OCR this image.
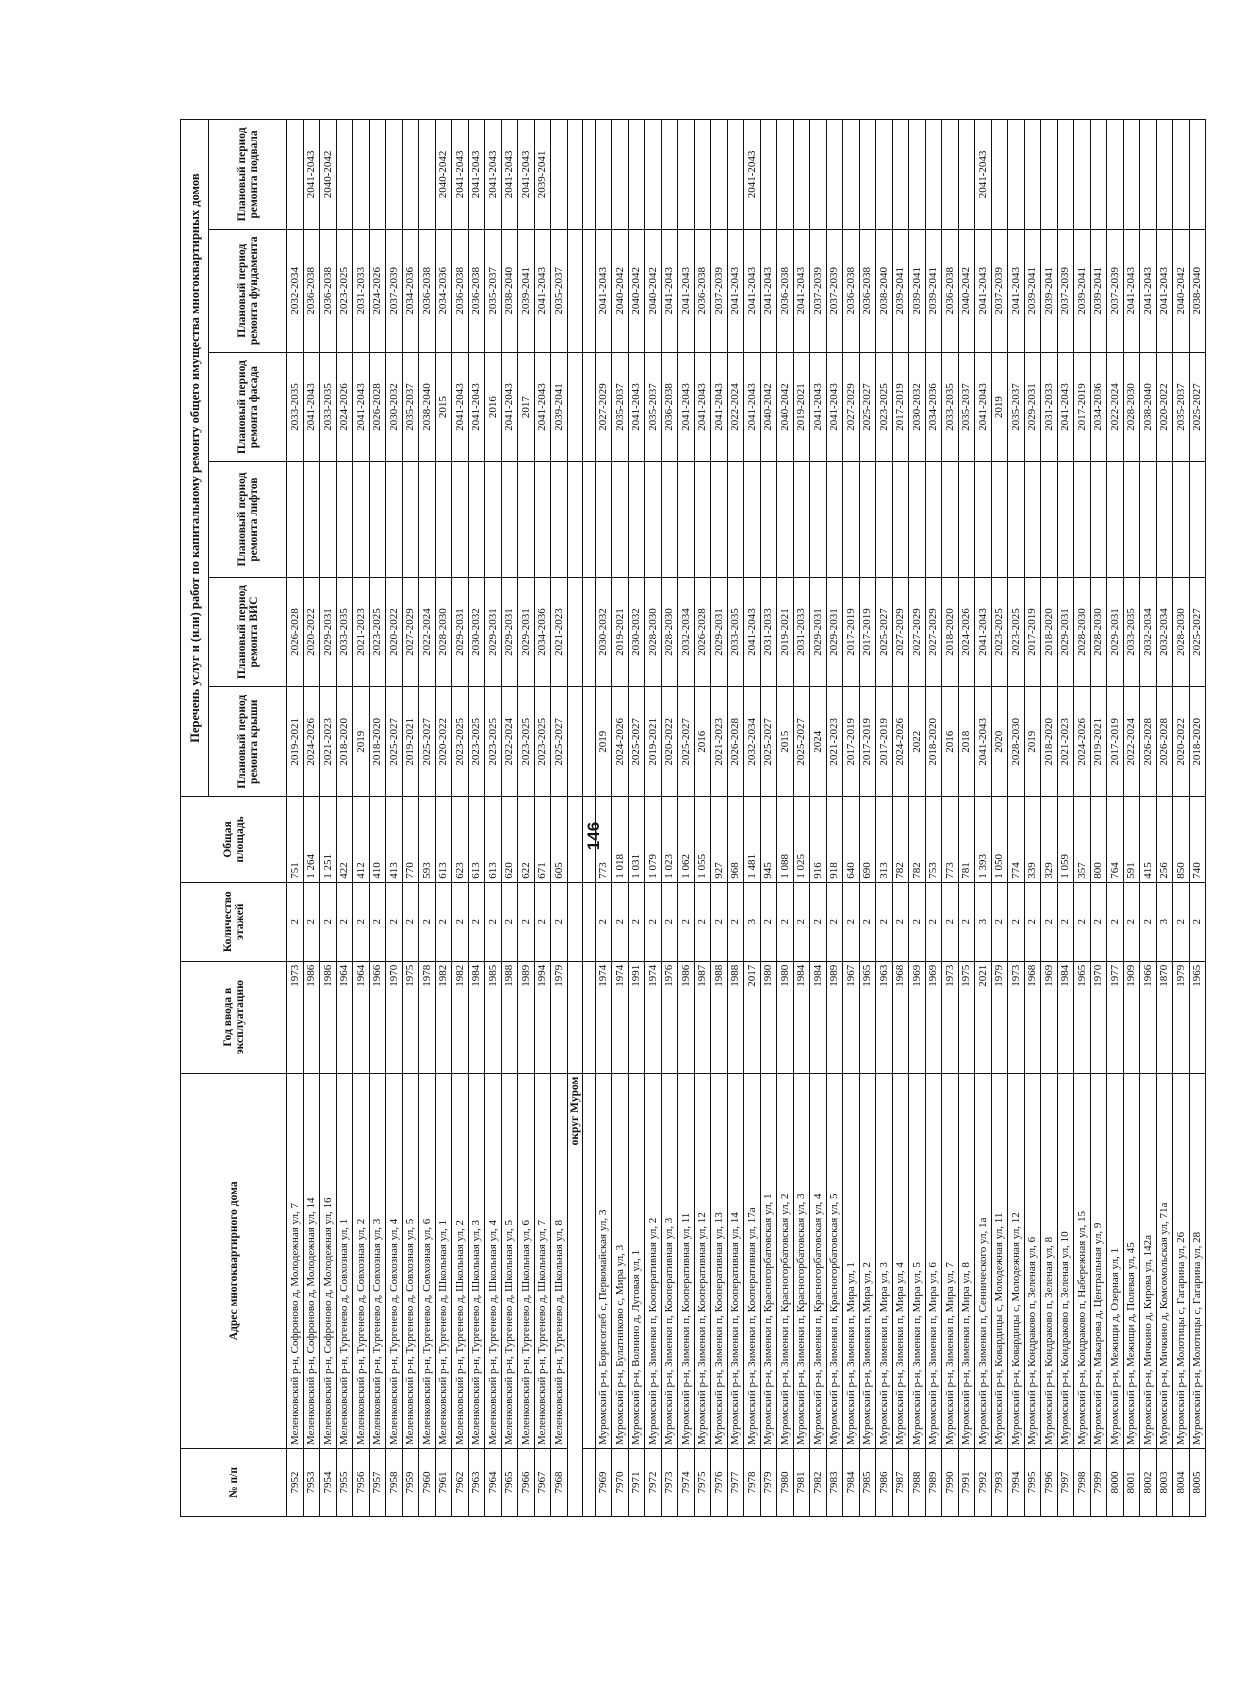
146
№ п/п	Адрес многоквартирного дома	Год ввода в эксплуатацию	Количество этажей	Общая площадь	Перечень услуг и (или) работ по капитальному ремонту общего имущества многоквартирных домов					
					Плановый период ремонта крыши	Плановый период ремонта ВИС	Плановый период ремонта лифтов	Плановый период ремонта фасада	Плановый период ремонта фундамента	Плановый период ремонта подвала
7952	Меленковский р-н, Софроново д, Молодежная ул, 7	1973	2	751	2019-2021	2026-2028		2033-2035	2032-2034	
7953	Меленковский р-н, Софроново д, Молодежная ул, 14	1986	2	1 264	2024-2026	2020-2022		2041-2043	2036-2038	2041-2043
7954	Меленковский р-н, Софроново д, Молодежная ул, 16	1986	2	1 251	2021-2023	2029-2031		2033-2035	2036-2038	2040-2042
7955	Меленковский р-н, Тургенево д, Совхозная ул, 1	1964	2	422	2018-2020	2033-2035		2024-2026	2023-2025	
7956	Меленковский р-н, Тургенево д, Совхозная ул, 2	1964	2	412	2019	2021-2023		2041-2043	2031-2033	
7957	Меленковский р-н, Тургенево д, Совхозная ул, 3	1966	2	410	2018-2020	2023-2025		2026-2028	2024-2026	
7958	Меленковский р-н, Тургенево д, Совхозная ул, 4	1970	2	413	2025-2027	2020-2022		2030-2032	2037-2039	
7959	Меленковский р-н, Тургенево д, Совхозная ул, 5	1975	2	770	2019-2021	2027-2029		2035-2037	2034-2036	
7960	Меленковский р-н, Тургенево д, Совхозная ул, 6	1978	2	593	2025-2027	2022-2024		2038-2040	2036-2038	
7961	Меленковский р-н, Тургенево д, Школьная ул, 1	1982	2	613	2020-2022	2028-2030		2015	2034-2036	2040-2042
7962	Меленковский р-н, Тургенево д, Школьная ул, 2	1982	2	623	2023-2025	2029-2031		2041-2043	2036-2038	2041-2043
7963	Меленковский р-н, Тургенево д, Школьная ул, 3	1984	2	613	2023-2025	2030-2032		2041-2043	2036-2038	2041-2043
7964	Меленковский р-н, Тургенево д, Школьная ул, 4	1985	2	613	2023-2025	2029-2031		2016	2035-2037	2041-2043
7965	Меленковский р-н, Тургенево д, Школьная ул, 5	1988	2	620	2022-2024	2029-2031		2041-2043	2038-2040	2041-2043
7966	Меленковский р-н, Тургенево д, Школьная ул, 6	1989	2	622	2023-2025	2029-2031		2017	2039-2041	2041-2043
7967	Меленковский р-н, Тургенево д, Школьная ул, 7	1994	2	671	2023-2025	2034-2036		2041-2043	2041-2043	2039-2041
7968	Меленковский р-н, Тургенево д, Школьная ул, 8	1979	2	605	2025-2027	2021-2023		2039-2041	2035-2037	
округ Муром										

7969	Муромский р-н, Борисоглеб с, Первомайская ул, 3	1974	2	773	2019	2030-2032		2027-2029	2041-2043	
7970	Муромский р-н, Булатниково с, Мира ул, 3	1974	2	1 018	2024-2026	2019-2021		2035-2037	2040-2042	
7971	Муромский р-н, Волнино д, Луговая ул, 1	1991	2	1 031	2025-2027	2030-2032		2041-2043	2040-2042	
7972	Муромский р-н, Зименки п, Кооперативная ул, 2	1974	2	1 079	2019-2021	2028-2030		2035-2037	2040-2042	
7973	Муромский р-н, Зименки п, Кооперативная ул, 3	1976	2	1 023	2020-2022	2028-2030		2036-2038	2041-2043	
7974	Муромский р-н, Зименки п, Кооперативная ул, 11	1986	2	1 062	2025-2027	2032-2034		2041-2043	2041-2043	
7975	Муромский р-н, Зименки п, Кооперативная ул, 12	1987	2	1 055	2016	2026-2028		2041-2043	2036-2038	
7976	Муромский р-н, Зименки п, Кооперативная ул, 13	1988	2	927	2021-2023	2029-2031		2041-2043	2037-2039	
7977	Муромский р-н, Зименки п, Кооперативная ул, 14	1988	2	968	2026-2028	2033-2035		2022-2024	2041-2043	
7978	Муромский р-н, Зименки п, Кооперативная ул, 17а	2017	3	1 481	2032-2034	2041-2043		2041-2043	2041-2043	2041-2043
7979	Муромский р-н, Зименки п, Красногорбатовская ул, 1	1980	2	945	2025-2027	2031-2033		2040-2042	2041-2043	
7980	Муромский р-н, Зименки п, Красногорбатовская ул, 2	1980	2	1 088	2015	2019-2021		2040-2042	2036-2038	
7981	Муромский р-н, Зименки п, Красногорбатовская ул, 3	1984	2	1 025	2025-2027	2031-2033		2019-2021	2041-2043	
7982	Муромский р-н, Зименки п, Красногорбатовская ул, 4	1984	2	916	2024	2029-2031		2041-2043	2037-2039	
7983	Муромский р-н, Зименки п, Красногорбатовская ул, 5	1989	2	918	2021-2023	2029-2031		2041-2043	2037-2039	
7984	Муромский р-н, Зименки п, Мира ул, 1	1967	2	640	2017-2019	2017-2019		2027-2029	2036-2038	
7985	Муромский р-н, Зименки п, Мира ул, 2	1965	2	690	2017-2019	2017-2019		2025-2027	2036-2038	
7986	Муромский р-н, Зименки п, Мира ул, 3	1963	2	313	2017-2019	2025-2027		2023-2025	2038-2040	
7987	Муромский р-н, Зименки п, Мира ул, 4	1968	2	782	2024-2026	2027-2029		2017-2019	2039-2041	
7988	Муромский р-н, Зименки п, Мира ул, 5	1969	2	782	2022	2027-2029		2030-2032	2039-2041	
7989	Муромский р-н, Зименки п, Мира ул, 6	1969	2	753	2018-2020	2027-2029		2034-2036	2039-2041	
7990	Муромский р-н, Зименки п, Мира ул, 7	1973	2	773	2016	2018-2020		2033-2035	2036-2038	
7991	Муромский р-н, Зименки п, Мира ул, 8	1975	2	781	2018	2024-2026		2035-2037	2040-2042	
7992	Муромский р-н, Зименки п, Сеннического ул, 1а	2021	3	1 393	2041-2043	2041-2043		2041-2043	2041-2043	2041-2043
7993	Муромский р-н, Ковардицы с, Молодежная ул, 11	1979	2	1 050	2020	2023-2025		2019	2037-2039	
7994	Муромский р-н, Ковардицы с, Молодежная ул, 12	1973	2	774	2028-2030	2023-2025		2035-2037	2041-2043	
7995	Муромский р-н, Кондраково п, Зеленая ул, 6	1968	2	339	2019	2017-2019		2029-2031	2039-2041	
7996	Муромский р-н, Кондраково п, Зеленая ул, 8	1969	2	329	2018-2020	2018-2020		2031-2033	2039-2041	
7997	Муромский р-н, Кондраково п, Зеленая ул, 10	1984	2	1 059	2021-2023	2029-2031		2041-2043	2037-2039	
7998	Муромский р-н, Кондраково п, Набережная ул, 15	1965	2	357	2024-2026	2028-2030		2017-2019	2039-2041	
7999	Муромский р-н, Макарова д, Центральная ул, 9	1970	2	800	2019-2021	2028-2030		2034-2036	2039-2041	
8000	Муромский р-н, Межищи д, Озерная ул, 1	1977	2	764	2017-2019	2029-2031		2022-2024	2037-2039	
8001	Муромский р-н, Межищи д, Полевая ул, 45	1909	2	591	2022-2024	2033-2035		2028-2030	2041-2043	
8002	Муромский р-н, Мичкино д, Кирова ул, 142а	1966	2	415	2026-2028	2032-2034		2038-2040	2041-2043	
8003	Муромский р-н, Мичкино д, Комсомольская ул, 71а	1870	3	256	2026-2028	2032-2034		2020-2022	2041-2043	
8004	Муромский р-н, Молотицы с, Гагарина ул, 26	1979	2	850	2020-2022	2028-2030		2035-2037	2040-2042	
8005	Муромский р-н, Молотицы с, Гагарина ул, 28	1965	2	740	2018-2020	2025-2027		2025-2027	2038-2040	
